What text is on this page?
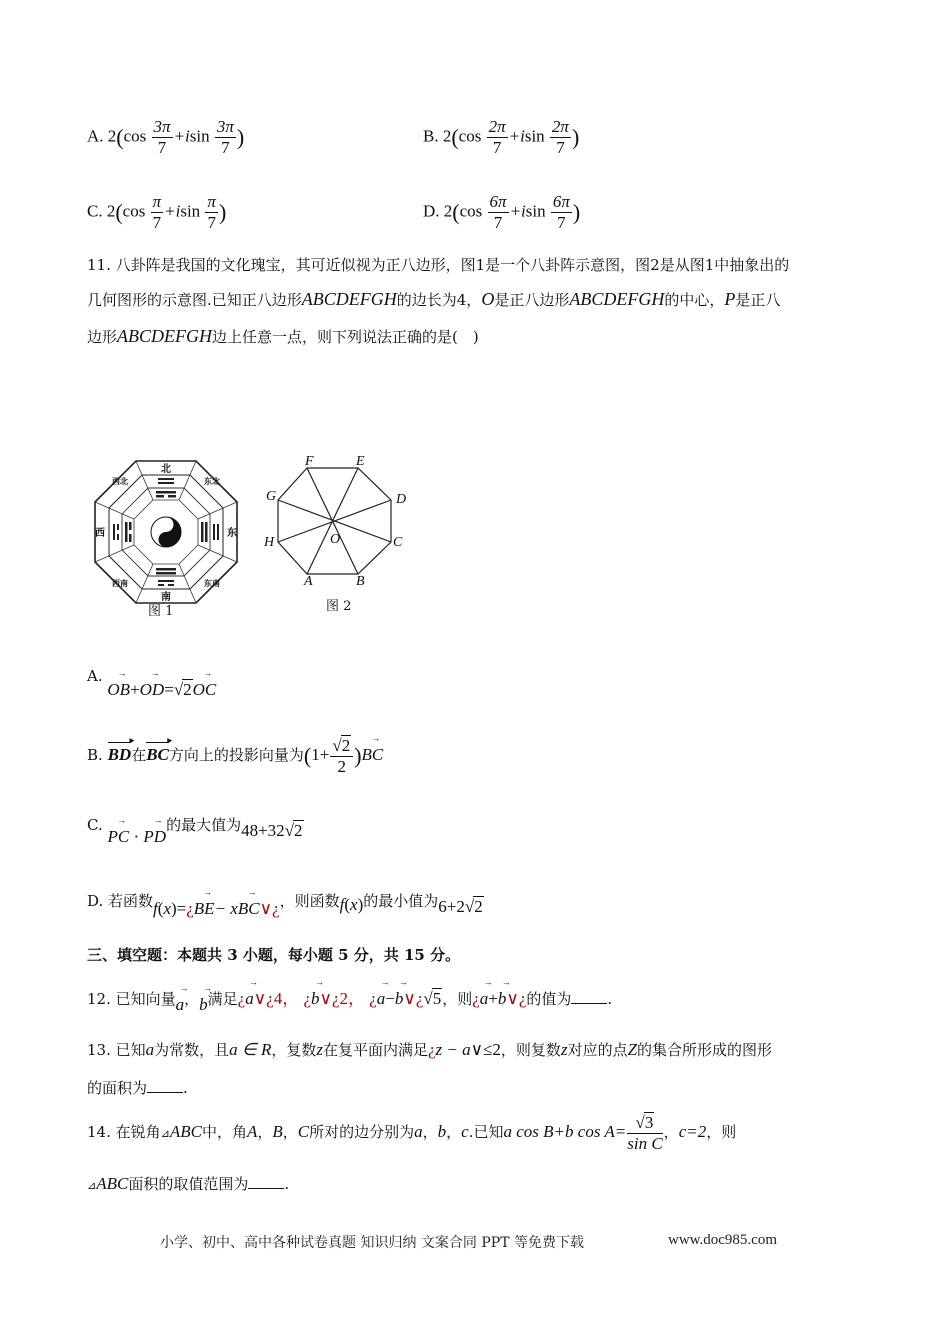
A. $2(\cos \frac{3\pi}{7} +isin \frac{3\pi}{7}$ )	B. $2(\cos \frac{2\pi}{7} +isin \frac{2\pi}{7}$ )
C. $2(\cos \frac{\pi}{7} +isin \frac{\pi}{7}$ )	D. $2(\cos \frac{6\pi}{7} +isin \frac{6\pi}{7}$ )
11. 八卦阵是我国的文化瑰宝，其可近似视为正八边形，图1是一个八卦阵示意图，图2是从图1中抽象出的
几何图形的示意图.已知正八边形ABCDEFGH的边长为4，O是正八边形ABCDEFGH的中心，P是正八
边形ABCDEFGH边上任意一点，则下列说法正确的是(　)
北
南
西	东
西北	东北
西南	东南
图 1
A	B
C
D
E
F
G
H	O
图 2
A. → OB+→ OD=√2→ OC
B. BD ▸在BC ▸方向上的投影向量为($1+ \frac{√2}{2}$ )→ BC
C. → PC · → PD的最大值为48+32√2
D. 若函数f(x)=¿→ BE− x→ BC∨¿，则函数f(x)的最小值为6+2√2
三、填空题：本题共 3 小题，每小题 5 分，共 15 分。
12. 已知向量→ a，→ b满足¿→ a∨¿4， ¿→ b∨¿2， ¿→ a−→ b∨¿√5，则¿→ a+→ b∨¿的值为 .
13. 已知a为常数，且a ∈ R，复数z在复平面内满足¿z − a∨≤2，则复数z对应的点Z的集合所形成的图形
的面积为 .
14. 在锐角⊿ABC中，角A，B，C所对的边分别为a，b，c.已知a cos B+b $\cos A= \frac{√3}{\text{sin C}}$ ，c=2，则
⊿ABC面积的取值范围为 .
小学、初中、高中各种试卷真题 知识归纳 文案合同 PPT 等免费下载	www.doc985.com
